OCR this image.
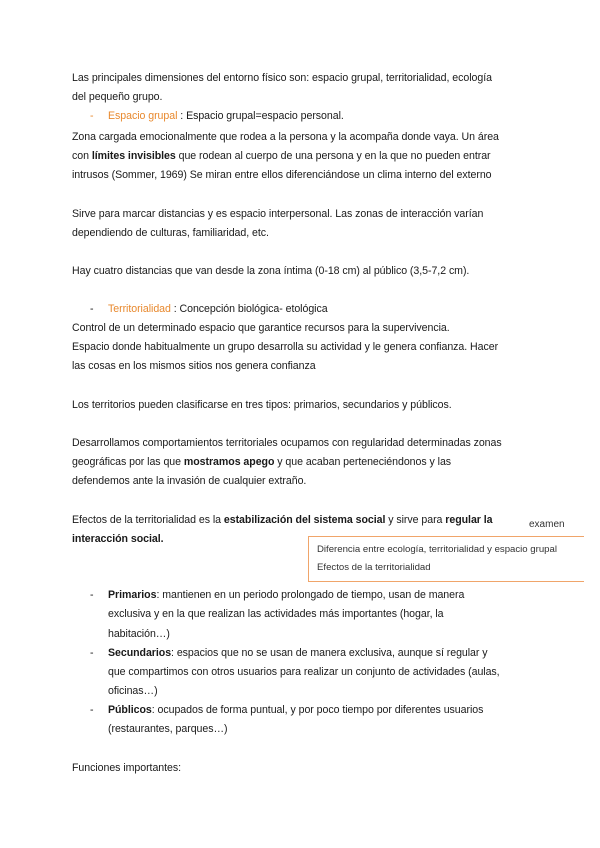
Las principales dimensiones del entorno físico son: espacio grupal, territorialidad, ecología
del pequeño grupo.
- Espacio grupal : Espacio grupal=espacio personal.
Zona cargada emocionalmente que rodea a la persona y la acompaña donde vaya. Un área
con límites invisibles que rodean al cuerpo de una persona y en la que no pueden entrar
intrusos (Sommer, 1969) Se miran entre ellos diferenciándose un clima interno del externo
Sirve para marcar distancias y es espacio interpersonal. Las zonas de interacción varían
dependiendo de culturas, familiaridad, etc.
Hay cuatro distancias que van desde la zona íntima (0-18 cm) al público (3,5-7,2 cm).
- Territorialidad : Concepción biológica- etológica
Control de un determinado espacio que garantice recursos para la supervivencia.
Espacio donde habitualmente un grupo desarrolla su actividad y le genera confianza. Hacer
las cosas en los mismos sitios nos genera confianza
Los territorios pueden clasificarse en tres tipos: primarios, secundarios y públicos.
Desarrollamos comportamientos territoriales ocupamos con regularidad determinadas zonas
geográficas por las que mostramos apego y que acaban perteneciéndonos y las
defendemos ante la invasión de cualquier extraño.
Efectos de la territorialidad es la estabilización del sistema social y sirve para regular la
interacción social.
examen
Diferencia entre ecología, territorialidad y espacio grupal
Efectos de la territorialidad
- Primarios: mantienen en un periodo prolongado de tiempo, usan de manera
exclusiva y en la que realizan las actividades más importantes (hogar, la
habitación…)
- Secundarios: espacios que no se usan de manera exclusiva, aunque sí regular y
que compartimos con otros usuarios para realizar un conjunto de actividades (aulas,
oficinas…)
- Públicos: ocupados de forma puntual, y por poco tiempo por diferentes usuarios
(restaurantes, parques…)
Funciones importantes:
